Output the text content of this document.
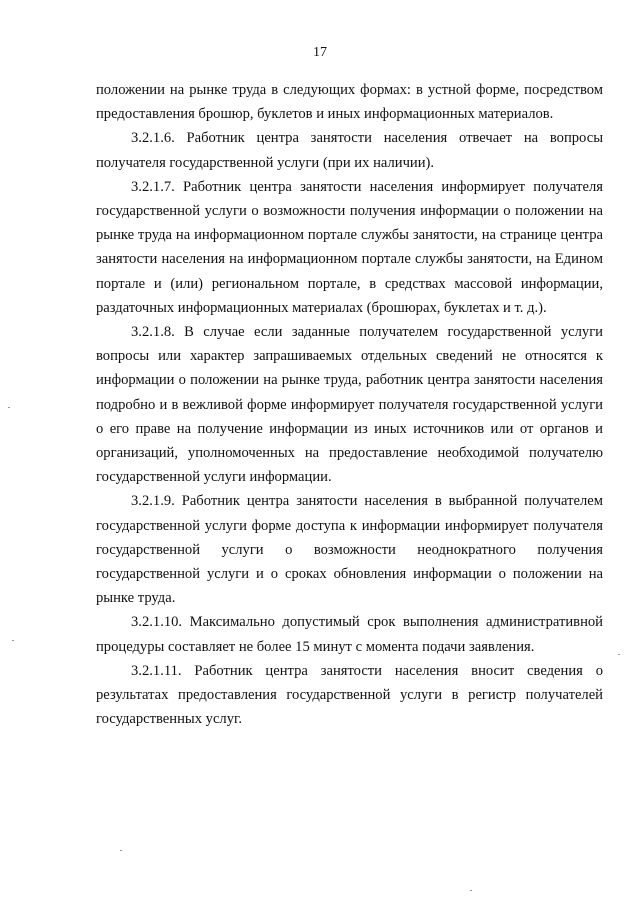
17

положении на рынке труда в следующих формах: в устной форме, посредством предоставления брошюр, буклетов и иных информационных материалов.

3.2.1.6. Работник центра занятости населения отвечает на вопросы получателя государственной услуги (при их наличии).

3.2.1.7. Работник центра занятости населения информирует получателя государственной услуги о возможности получения информации о положении на рынке труда на информационном портале службы занятости, на странице центра занятости населения на информационном портале службы занятости, на Едином портале и (или) региональном портале, в средствах массовой информации, раздаточных информационных материалах (брошюрах, буклетах и т. д.).

3.2.1.8. В случае если заданные получателем государственной услуги вопросы или характер запрашиваемых отдельных сведений не относятся к информации о положении на рынке труда, работник центра занятости населения подробно и в вежливой форме информирует получателя государственной услуги о его праве на получение информации из иных источников или от органов и организаций, уполномоченных на предоставление необходимой получателю государственной услуги информации.

3.2.1.9. Работник центра занятости населения в выбранной получателем государственной услуги форме доступа к информации информирует получателя государственной услуги о возможности неоднократного получения государственной услуги и о сроках обновления информации о положении на рынке труда.

3.2.1.10. Максимально допустимый срок выполнения административной процедуры составляет не более 15 минут с момента подачи заявления.

3.2.1.11. Работник центра занятости населения вносит сведения о результатах предоставления государственной услуги в регистр получателей государственных услуг.
